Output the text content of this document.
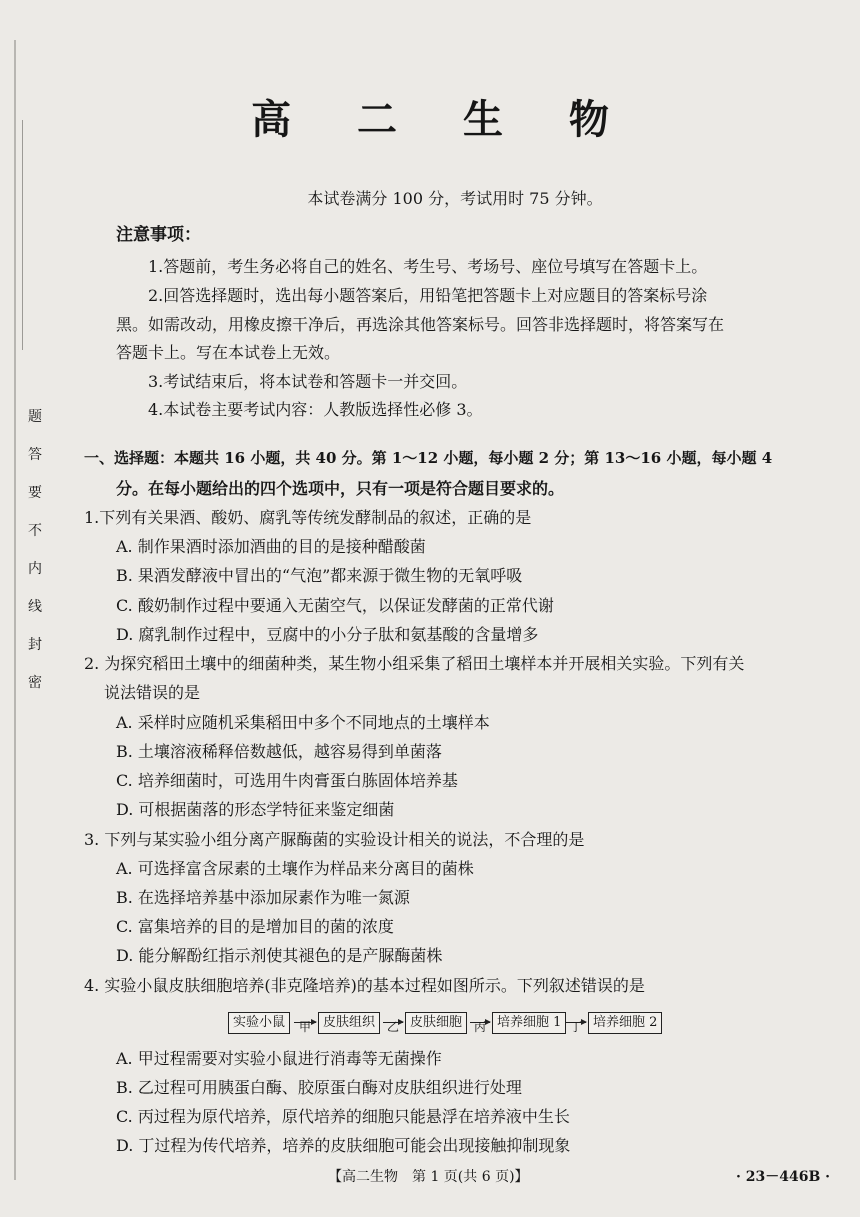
题
答
要
不
内
线
封
密
高 二 生 物
本试卷满分 100 分，考试用时 75 分钟。
注意事项：
1.答题前，考生务必将自己的姓名、考生号、考场号、座位号填写在答题卡上。
2.回答选择题时，选出每小题答案后，用铅笔把答题卡上对应题目的答案标号涂
黑。如需改动，用橡皮擦干净后，再选涂其他答案标号。回答非选择题时，将答案写在
答题卡上。写在本试卷上无效。
3.考试结束后，将本试卷和答题卡一并交回。
4.本试卷主要考试内容：人教版选择性必修 3。
一、选择题：本题共 16 小题，共 40 分。第 1～12 小题，每小题 2 分；第 13～16 小题，每小题 4
分。在每小题给出的四个选项中，只有一项是符合题目要求的。
1.下列有关果酒、酸奶、腐乳等传统发酵制品的叙述，正确的是
A. 制作果酒时添加酒曲的目的是接种醋酸菌
B. 果酒发酵液中冒出的“气泡”都来源于微生物的无氧呼吸
C. 酸奶制作过程中要通入无菌空气，以保证发酵菌的正常代谢
D. 腐乳制作过程中，豆腐中的小分子肽和氨基酸的含量增多
2. 为探究稻田土壤中的细菌种类，某生物小组采集了稻田土壤样本并开展相关实验。下列有关
说法错误的是
A. 采样时应随机采集稻田中多个不同地点的土壤样本
B. 土壤溶液稀释倍数越低，越容易得到单菌落
C. 培养细菌时，可选用牛肉膏蛋白胨固体培养基
D. 可根据菌落的形态学特征来鉴定细菌
3. 下列与某实验小组分离产脲酶菌的实验设计相关的说法，不合理的是
A. 可选择富含尿素的土壤作为样品来分离目的菌株
B. 在选择培养基中添加尿素作为唯一氮源
C. 富集培养的目的是增加目的菌的浓度
D. 能分解酚红指示剂使其褪色的是产脲酶菌株
4. 实验小鼠皮肤细胞培养(非克隆培养)的基本过程如图所示。下列叙述错误的是
实验小鼠	甲 皮肤组织 乙 皮肤细胞 丙 培养细胞 1 丁 培养细胞 2
A. 甲过程需要对实验小鼠进行消毒等无菌操作
B. 乙过程可用胰蛋白酶、胶原蛋白酶对皮肤组织进行处理
C. 丙过程为原代培养，原代培养的细胞只能悬浮在培养液中生长
D. 丁过程为传代培养，培养的皮肤细胞可能会出现接触抑制现象
【高二生物　第 1 页(共 6 页)】	· 23－446B ·
